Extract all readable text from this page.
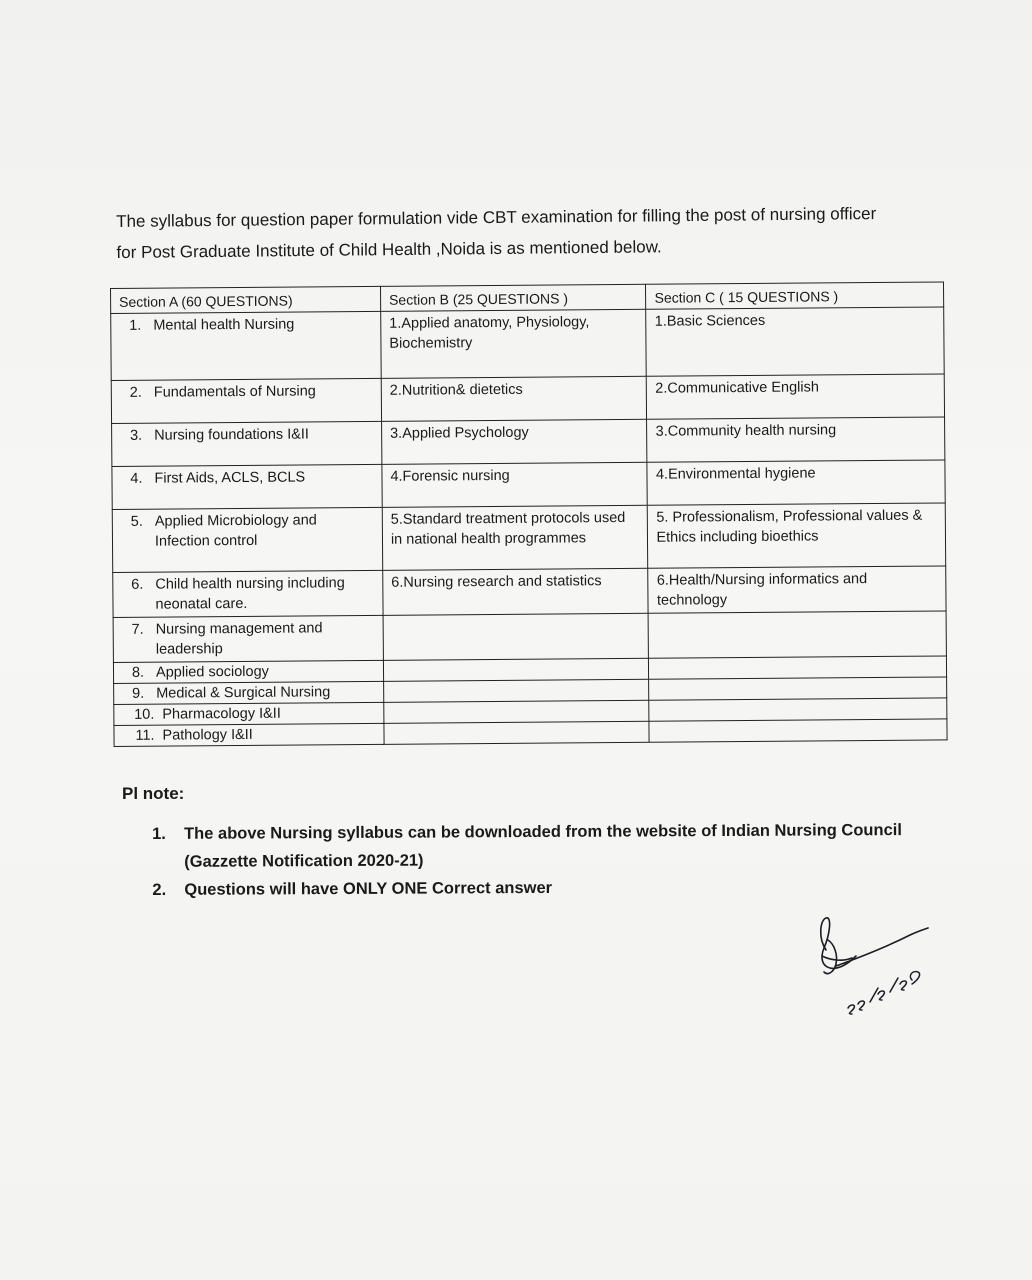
The syllabus for question paper formulation vide CBT examination for filling the post of nursing officer

for Post Graduate Institute of Child Health ,Noida is as mentioned below.

Section A (60 QUESTIONS)	Section B (25 QUESTIONS )	Section C ( 15 QUESTIONS )

1. Mental health Nursing	1.Applied anatomy, Physiology, Biochemistry	1.Basic Sciences

2. Fundamentals of Nursing	2.Nutrition& dietetics	2.Communicative English

3. Nursing foundations I&II	3.Applied Psychology	3.Community health nursing

4. First Aids, ACLS, BCLS	4.Forensic nursing	4.Environmental hygiene

5. Applied Microbiology and Infection control	5.Standard treatment protocols used in national health programmes	5. Professionalism, Professional values & Ethics including bioethics

6. Child health nursing including neonatal care.	6.Nursing research and statistics	6.Health/Nursing informatics and technology

7. Nursing management and leadership		

8. Applied sociology		

9. Medical & Surgical Nursing		

10. Pharmacology I&II		

11. Pathology I&II		

Pl note:
1.	The above Nursing syllabus can be downloaded from the website of Indian Nursing Council (Gazzette Notification 2020-21)
2.	Questions will have ONLY ONE Correct answer
